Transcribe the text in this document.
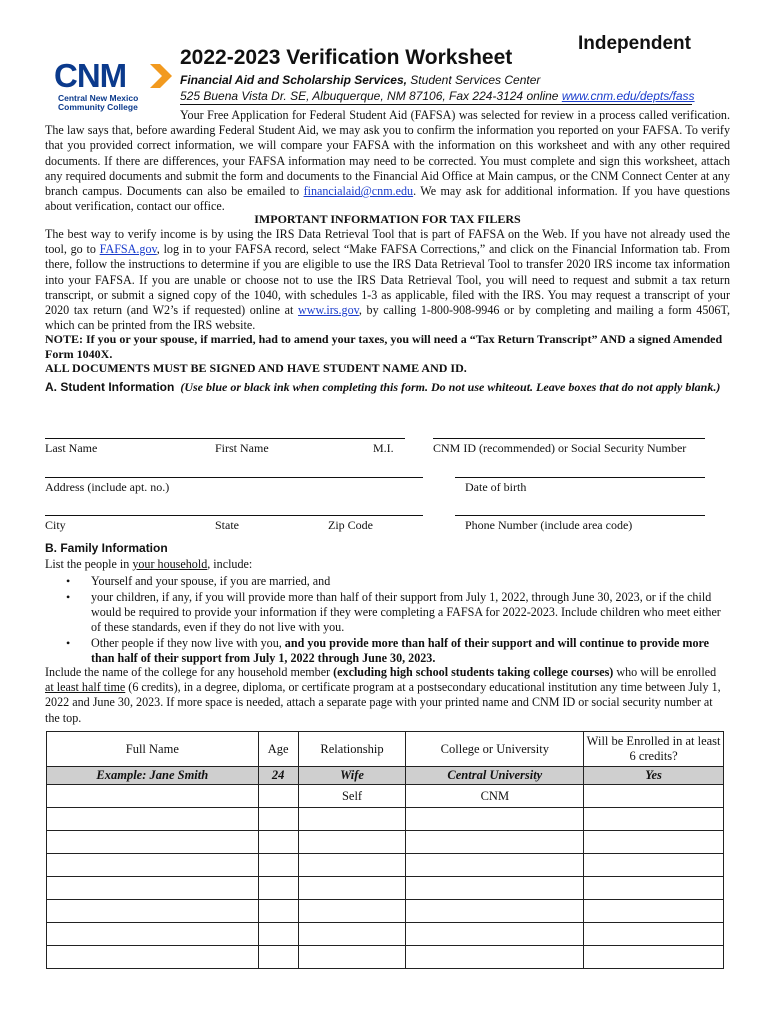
CNM
Central New Mexico Community College
2022-2023 Verification Worksheet
Independent
Financial Aid and Scholarship Services, Student Services Center
525 Buena Vista Dr. SE, Albuquerque, NM 87106, Fax 224-3124 online www.cnm.edu/depts/fass
Your Free Application for Federal Student Aid (FAFSA) was selected for review in a process called verification. The law says that, before awarding Federal Student Aid, we may ask you to confirm the information you reported on your FAFSA. To verify that you provided correct information, we will compare your FAFSA with the information on this worksheet and with any other required documents. If there are differences, your FAFSA information may need to be corrected. You must complete and sign this worksheet, attach any required documents and submit the form and documents to the Financial Aid Office at Main campus, or the CNM Connect Center at any branch campus. Documents can also be emailed to financialaid@cnm.edu. We may ask for additional information. If you have questions about verification, contact our office.
IMPORTANT INFORMATION FOR TAX FILERS
The best way to verify income is by using the IRS Data Retrieval Tool that is part of FAFSA on the Web. If you have not already used the tool, go to FAFSA.gov, log in to your FAFSA record, select “Make FAFSA Corrections,” and click on the Financial Information tab. From there, follow the instructions to determine if you are eligible to use the IRS Data Retrieval Tool to transfer 2020 IRS income tax information into your FAFSA. If you are unable or choose not to use the IRS Data Retrieval Tool, you will need to request and submit a tax return transcript, or submit a signed copy of the 1040, with schedules 1-3 as applicable, filed with the IRS. You may request a transcript of your 2020 tax return (and W2’s if requested) online at www.irs.gov, by calling 1-800-908-9946 or by completing and mailing a form 4506T, which can be printed from the IRS website.
NOTE: If you or your spouse, if married, had to amend your taxes, you will need a “Tax Return Transcript” AND a signed Amended Form 1040X.
ALL DOCUMENTS MUST BE SIGNED AND HAVE STUDENT NAME AND ID.
A. Student Information (Use blue or black ink when completing this form. Do not use whiteout. Leave boxes that do not apply blank.)
Last Name	First Name	M.I.	CNM ID (recommended) or Social Security Number
Address (include apt. no.)	Date of birth
City	State	Zip Code	Phone Number (include area code)
B. Family Information
List the people in your household, include:
• Yourself and your spouse, if you are married, and
• your children, if any, if you will provide more than half of their support from July 1, 2022, through June 30, 2023, or if the child would be required to provide your information if they were completing a FAFSA for 2022-2023. Include children who meet either of these standards, even if they do not live with you.
• Other people if they now live with you, and you provide more than half of their support and will continue to provide more than half of their support from July 1, 2022 through June 30, 2023.
Include the name of the college for any household member (excluding high school students taking college courses) who will be enrolled at least half time (6 credits), in a degree, diploma, or certificate program at a postsecondary educational institution any time between July 1, 2022 and June 30, 2023. If more space is needed, attach a separate page with your printed name and CNM ID or social security number at the top.
Full Name	Age	Relationship	College or University	Will be Enrolled in at least 6 credits?
Example: Jane Smith	24	Wife	Central University	Yes
		Self	CNM	
